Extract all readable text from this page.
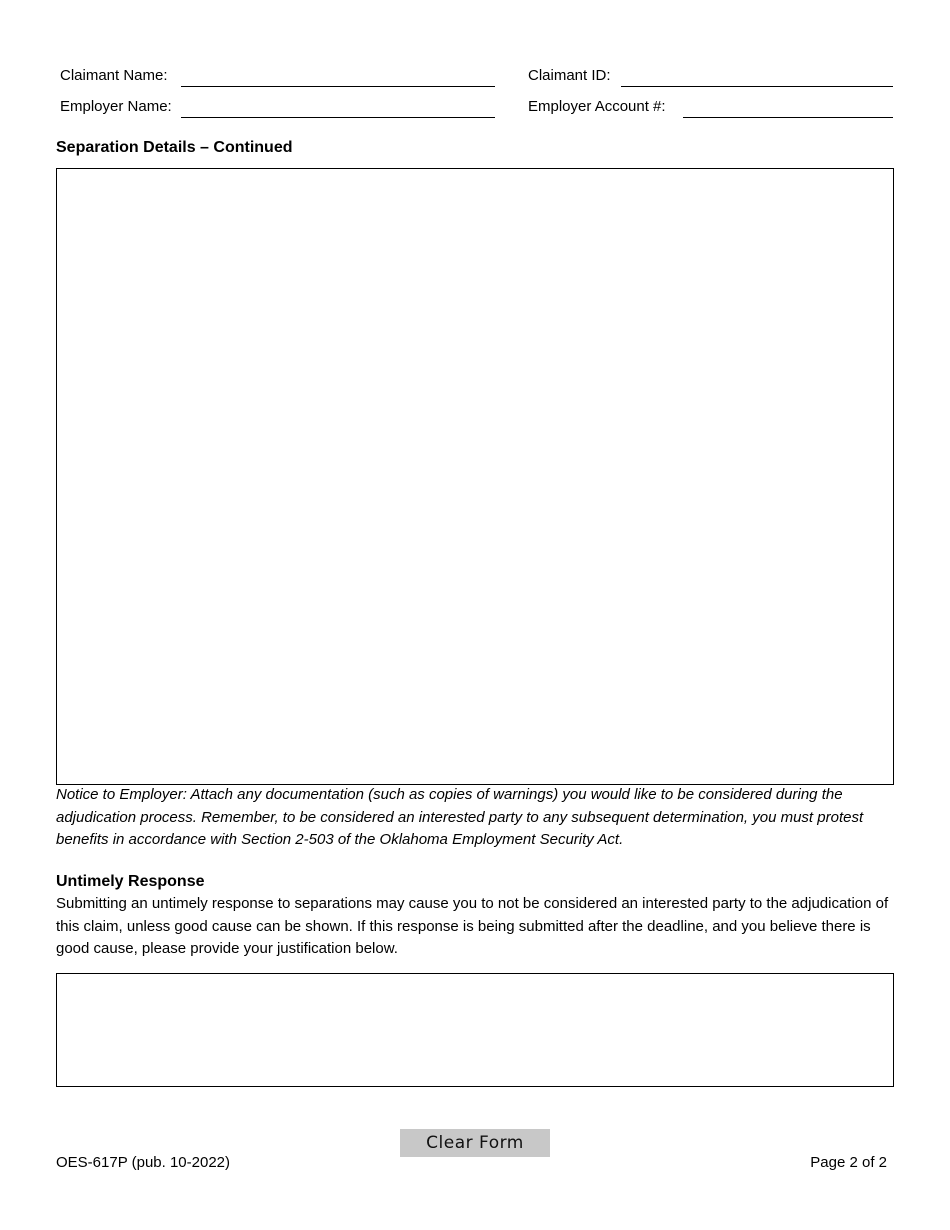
Claimant Name:	Claimant ID:
Employer Name:	Employer Account #:
Separation Details – Continued
Notice to Employer: Attach any documentation (such as copies of warnings) you would like to be considered during the adjudication process. Remember, to be considered an interested party to any subsequent determination, you must protest benefits in accordance with Section 2-503 of the Oklahoma Employment Security Act.
Untimely Response
Submitting an untimely response to separations may cause you to not be considered an interested party to the adjudication of this claim, unless good cause can be shown. If this response is being submitted after the deadline, and you believe there is good cause, please provide your justification below.
Clear Form
OES-617P (pub. 10-2022)	Page 2 of 2
